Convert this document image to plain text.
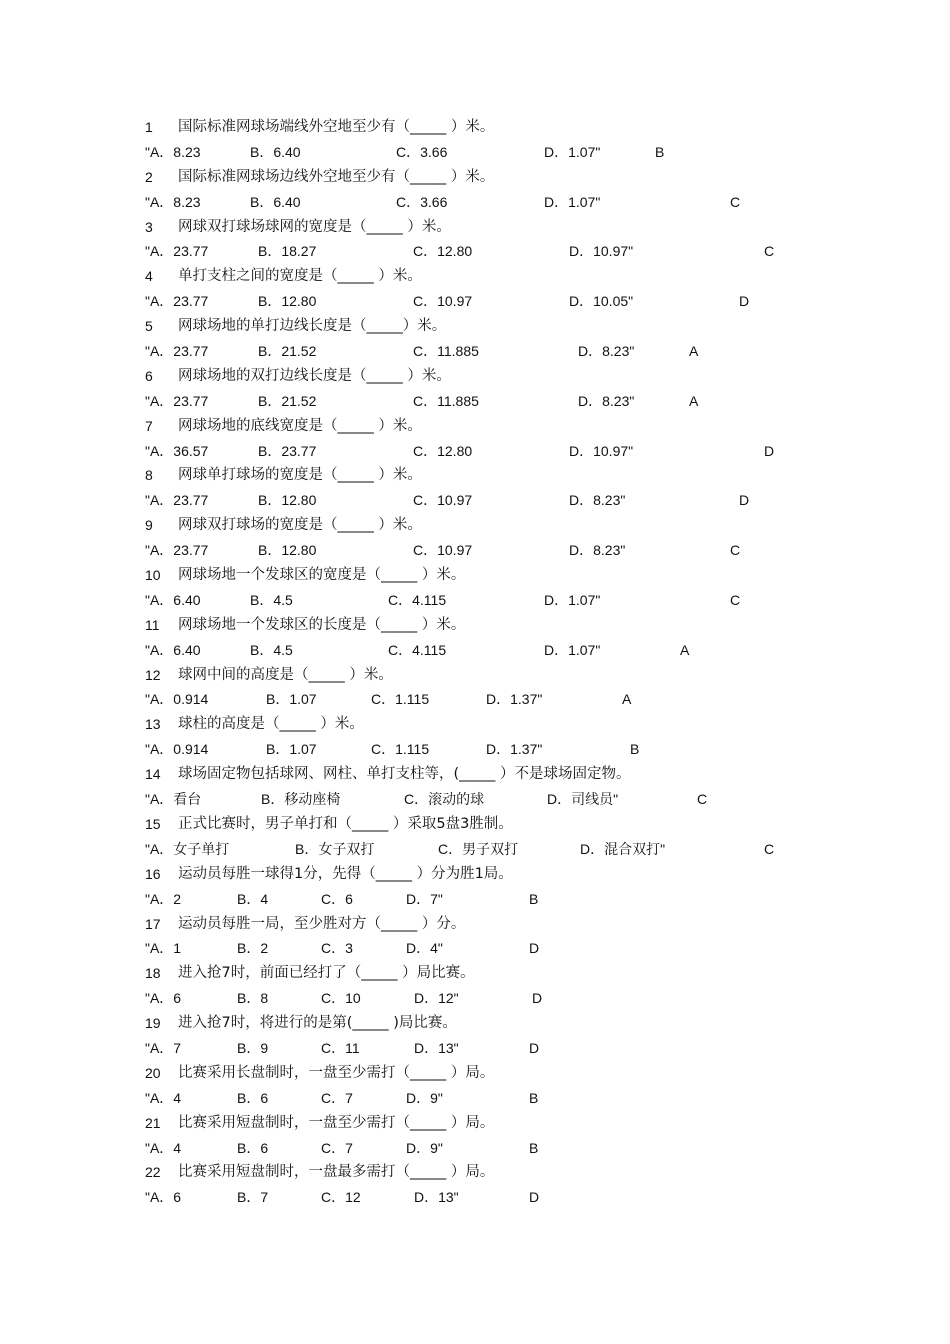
1 国际标准网球场端线外空地至少有（_____ ）米。
"A．8.23	B．6.40	C．3.66	D．1.07"	B
2 国际标准网球场边线外空地至少有（_____ ）米。
"A．8.23	B．6.40	C．3.66	D．1.07"	C
3 网球双打球场球网的宽度是（_____ ）米。
"A．23.77	B．18.27	C．12.80	D．10.97"	C
4 单打支柱之间的宽度是（_____ ）米。
"A．23.77	B．12.80	C．10.97	D．10.05"	D
5 网球场地的单打边线长度是（_____）米。
"A．23.77	B．21.52	C．11.885	D．8.23"	A
6 网球场地的双打边线长度是（_____ ）米。
"A．23.77	B．21.52	C．11.885	D．8.23"	A
7 网球场地的底线宽度是（_____ ）米。
"A．36.57	B．23.77	C．12.80	D．10.97"	D
8 网球单打球场的宽度是（_____ ）米。
"A．23.77	B．12.80	C．10.97	D．8.23"	D
9 网球双打球场的宽度是（_____ ）米。
"A．23.77	B．12.80	C．10.97	D．8.23"	C
10 网球场地一个发球区的宽度是（_____ ）米。
"A．6.40	B．4.5	C．4.115	D．1.07"	C
11 网球场地一个发球区的长度是（_____ ）米。
"A．6.40	B．4.5	C．4.115	D．1.07"	A
12 球网中间的高度是（_____ ）米。
"A．0.914	B．1.07	C．1.115	D．1.37"	A
13 球柱的高度是（_____ ）米。
"A．0.914	B．1.07	C．1.115	D．1.37"	B
14 球场固定物包括球网、网柱、单打支柱等，(_____ ）不是球场固定物。
"A．看台	B．移动座椅	C．滚动的球	D．司线员"	C
15 正式比赛时，男子单打和（_____ ）采取5盘3胜制。
"A．女子单打	B．女子双打	C．男子双打	D．混合双打"	C
16 运动员每胜一球得1分，先得（_____ ）分为胜1局。
"A．2	B．4	C．6	D．7"	B
17 运动员每胜一局，至少胜对方（_____ ）分。
"A．1	B．2	C．3	D．4"	D
18 进入抢7时，前面已经打了（_____ ）局比赛。
"A．6	B．8	C．10	D．12"	D
19 进入抢7时，将进行的是第(_____ )局比赛。
"A．7	B．9	C．11	D．13"	D
20 比赛采用长盘制时，一盘至少需打（_____ ）局。
"A．4	B．6	C．7	D．9"	B
21 比赛采用短盘制时，一盘至少需打（_____ ）局。
"A．4	B．6	C．7	D．9"	B
22 比赛采用短盘制时，一盘最多需打（_____ ）局。
"A．6	B．7	C．12	D．13"	D
